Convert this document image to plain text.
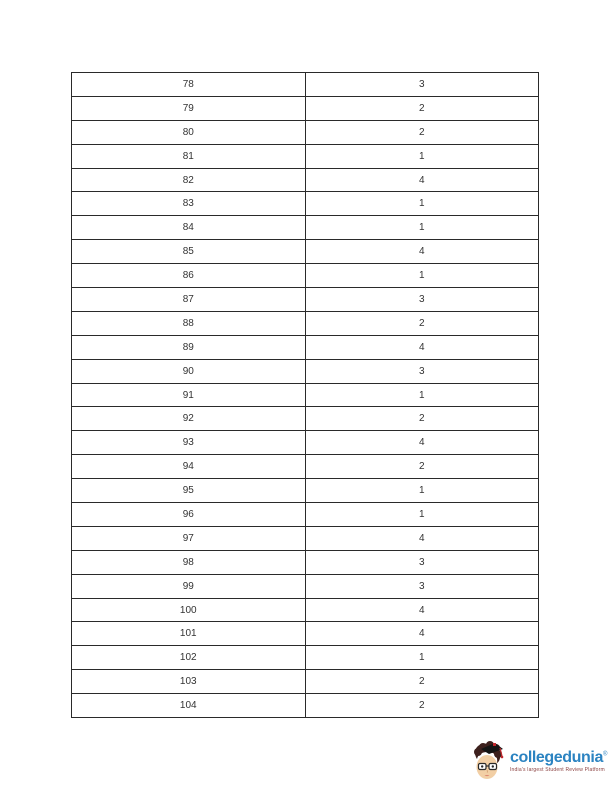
78	3
79	2
80	2
81	1
82	4
83	1
84	1
85	4
86	1
87	3
88	2
89	4
90	3
91	1
92	2
93	4
94	2
95	1
96	1
97	4
98	3
99	3
100	4
101	4
102	1
103	2
104	2
collegedunia®
India's largest Student Review Platform
